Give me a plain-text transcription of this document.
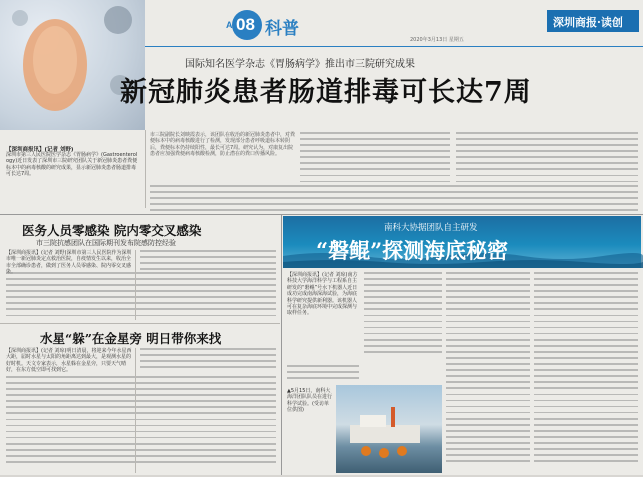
A 08 科普	深圳商报·读创
2020年3月13日 星期五
国际知名医学杂志《胃肠病学》推出市三院研究成果
新冠肺炎患者肠道排毒可长达7周
【深圳商报讯】(记者 刘野)
深圳市第三人民医院医学杂志《胃肠病学》(Gastroenterology)近日发表了深圳市三院研究团队关于新冠肺炎患者粪便标本中的病毒核酸的研究成果，显示新冠肺炎患者肠道排毒可长达7周。
市三院副院长刘映霞表示，该团队在收治的新冠肺炎患者中，对粪便标本中的病毒核酸进行了检测，发现部分患者呼吸道标本转阴后，粪便标本仍持续阳性，最长可达7周。研究认为，对康复出院患者应加强粪便病毒核酸检测，防止潜在的粪口传播风险。
医务人员零感染 院内零交叉感染
市三院抗感团队在国际期刊发布院感防控经验
【深圳商报讯】(记者 刘野)深圳市第三人民医院作为深圳市唯一新冠肺炎定点救治医院，自疫情发生以来，收治全市全部确诊患者，做到了医务人员零感染、院内零交叉感
水星“躲”在金星旁 明日带你来找
【深圳商报讯】(记者 刘琼)明日清晨，将迎来今年水星西大距，届时水星与太阳的角距离达到最大，是观测水星的好时机。天文专家表示，水星躲在金星旁，只要天气晴好，在东方低空即可找到它。
南科大协据团队自主研发
“磐鲲”探测海底秘密
【深圳商报讯】(记者 刘琼)南方科技大学海洋科学与工程系自主研发的“磐鲲”号水下机器人近日成功完成南海深海试验，为海底科学研究提供新利器。该机器人可在复杂海底环境中完成探测与取样任务。
▲5月15日，南科大海洋团队队员在进行科学试验。(受访单位供图)
